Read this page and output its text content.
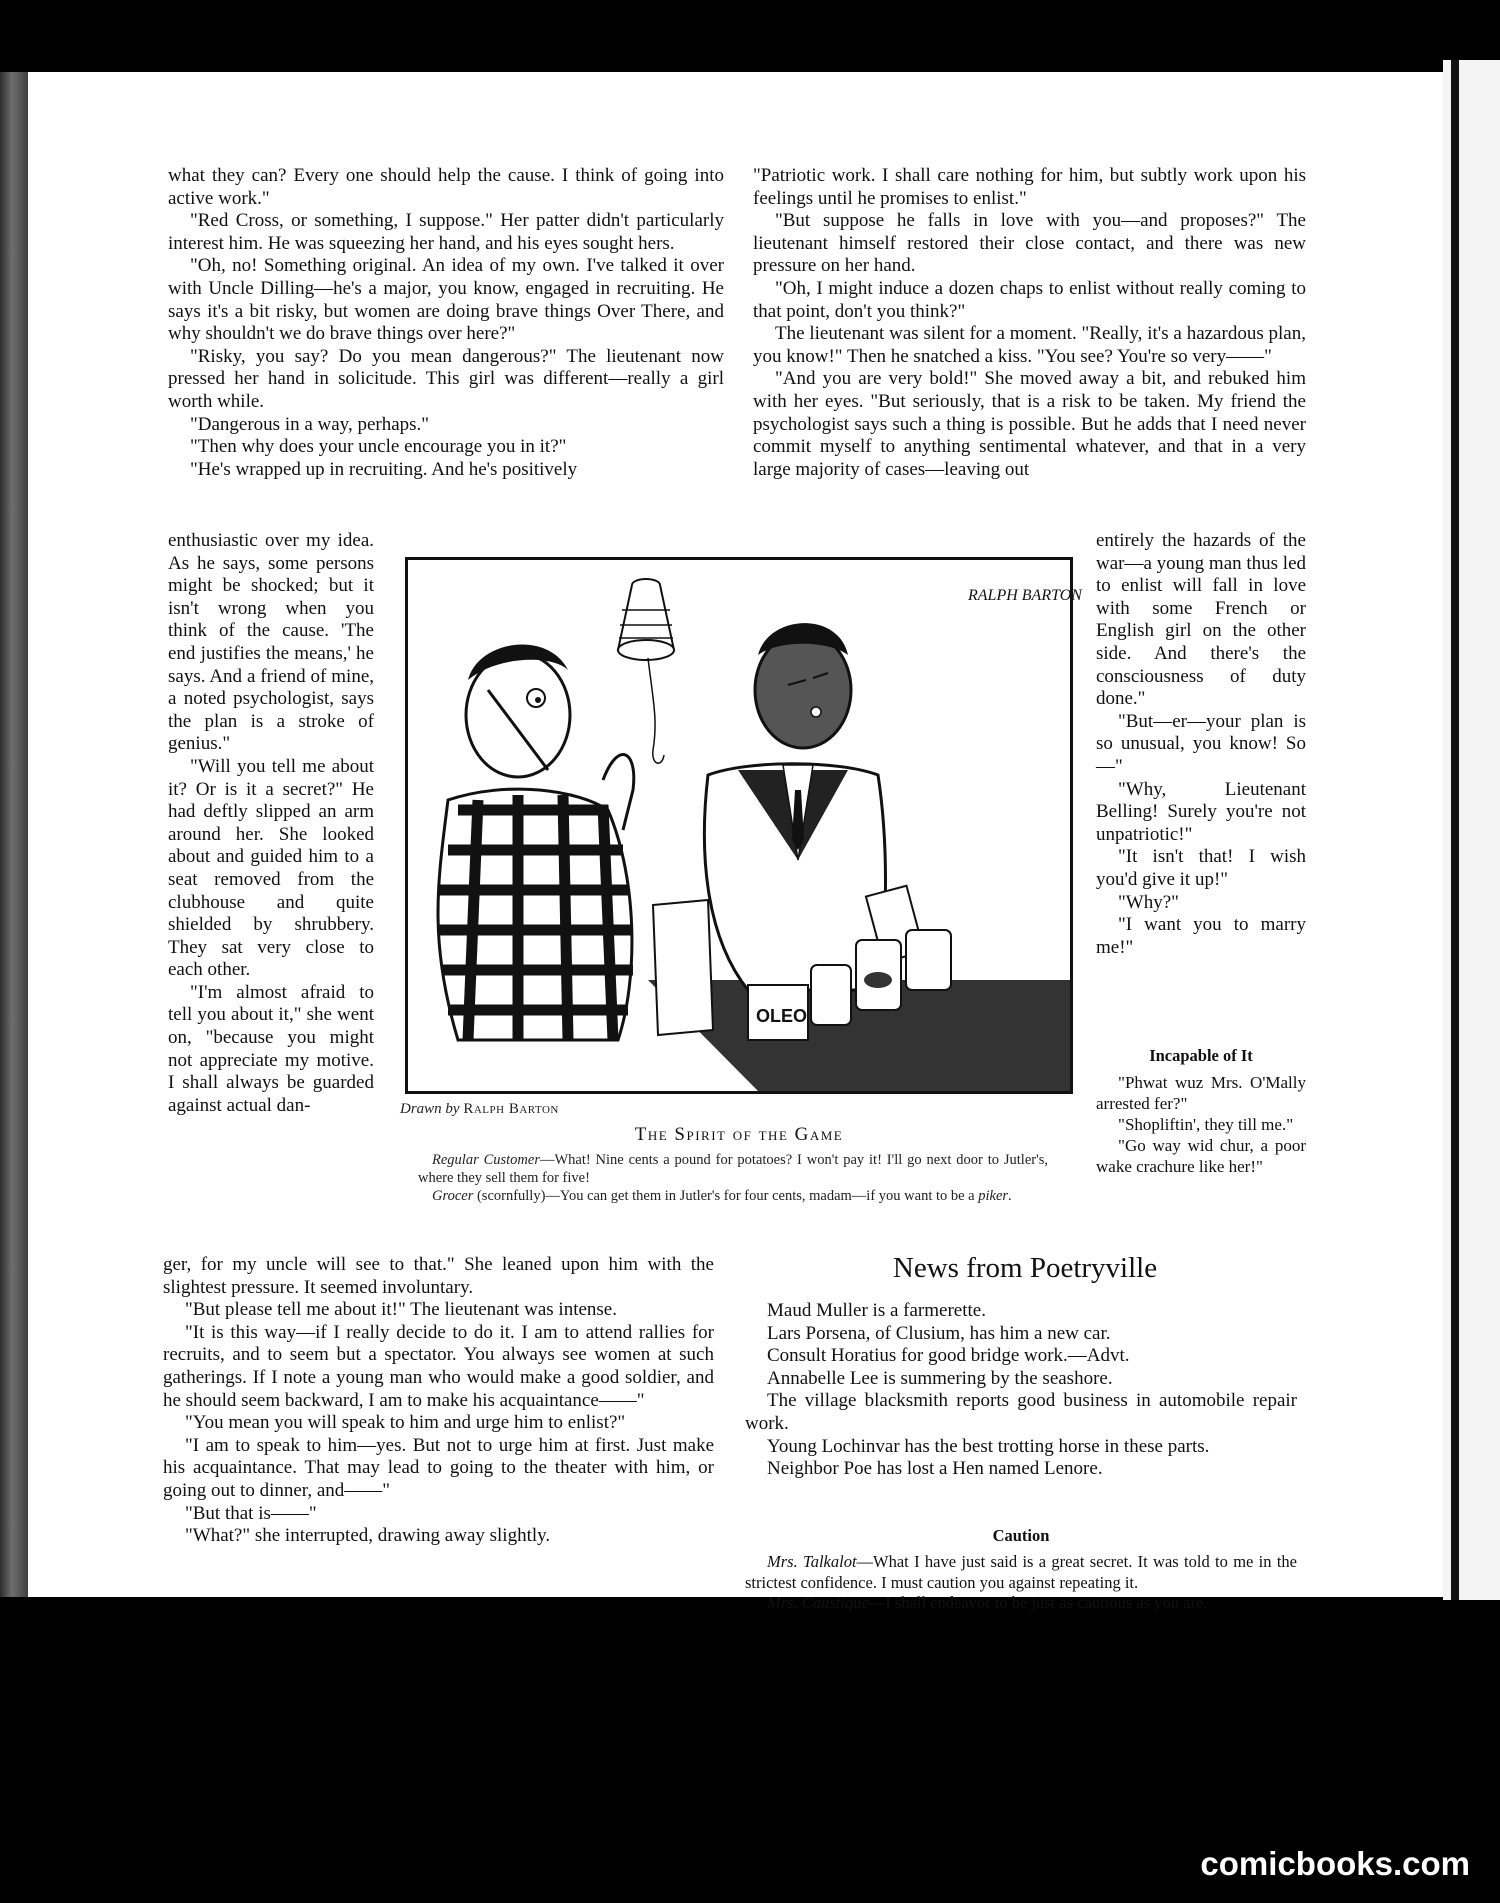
what they can? Every one should help the cause. I think of going into active work."

"Red Cross, or something, I suppose." Her patter didn't particularly interest him. He was squeezing her hand, and his eyes sought hers.

"Oh, no! Something original. An idea of my own. I've talked it over with Uncle Dilling—he's a major, you know, engaged in recruiting. He says it's a bit risky, but women are doing brave things Over There, and why shouldn't we do brave things over here?"

"Risky, you say? Do you mean dangerous?" The lieutenant now pressed her hand in solicitude. This girl was different—really a girl worth while.

"Dangerous in a way, perhaps."

"Then why does your uncle encourage you in it?"

"He's wrapped up in recruiting. And he's positively

enthusiastic over my idea. As he says, some persons might be shocked; but it isn't wrong when you think of the cause. 'The end justifies the means,' he says. And a friend of mine, a noted psychologist, says the plan is a stroke of genius."

"Will you tell me about it? Or is it a secret?" He had deftly slipped an arm around her. She looked about and guided him to a seat removed from the clubhouse and quite shielded by shrubbery. They sat very close to each other.

"I'm almost afraid to tell you about it," she went on, "because you might not appreciate my motive. I shall always be guarded against actual dan-

ger, for my uncle will see to that." She leaned upon him with the slightest pressure. It seemed involuntary.

"But please tell me about it!" The lieutenant was intense.

"It is this way—if I really decide to do it. I am to attend rallies for recruits, and to seem but a spectator. You always see women at such gatherings. If I note a young man who would make a good soldier, and he should seem backward, I am to make his acquaintance——"

"You mean you will speak to him and urge him to enlist?"

"I am to speak to him—yes. But not to urge him at first. Just make his acquaintance. That may lead to going to the theater with him, or going out to dinner, and——"

"But that is——"

"What?" she interrupted, drawing away slightly.

"Patriotic work. I shall care nothing for him, but subtly work upon his feelings until he promises to enlist."

"But suppose he falls in love with you—and proposes?" The lieutenant himself restored their close contact, and there was new pressure on her hand.

"Oh, I might induce a dozen chaps to enlist without really coming to that point, don't you think?"

The lieutenant was silent for a moment. "Really, it's a hazardous plan, you know!" Then he snatched a kiss. "You see? You're so very——"

"And you are very bold!" She moved away a bit, and rebuked him with her eyes. "But seriously, that is a risk to be taken. My friend the psychologist says such a thing is possible. But he adds that I need never commit myself to anything sentimental whatever, and that in a very large majority of cases—leaving out

entirely the hazards of the war—a young man thus led to enlist will fall in love with some French or English girl on the other side. And there's the consciousness of duty done."

"But—er—your plan is so unusual, you know! So—"

"Why, Lieutenant Belling! Surely you're not unpatriotic!"

"It isn't that! I wish you'd give it up!"

"Why?"

"I want you to marry me!"

Incapable of It

"Phwat wuz Mrs. O'Mally arrested fer?"

"Shopliftin', they till me."

"Go way wid chur, a poor wake crachure like her!"

OLEO
RALPH BARTON
Drawn by Ralph Barton
The Spirit of the Game

Regular Customer—What! Nine cents a pound for potatoes? I won't pay it! I'll go next door to Jutler's, where they sell them for five!

Grocer (scornfully)—You can get them in Jutler's for four cents, madam—if you want to be a piker.

News from Poetryville

Maud Muller is a farmerette.

Lars Porsena, of Clusium, has him a new car.

Consult Horatius for good bridge work.—Advt.

Annabelle Lee is summering by the seashore.

The village blacksmith reports good business in automobile repair work.

Young Lochinvar has the best trotting horse in these parts.

Neighbor Poe has lost a Hen named Lenore.

Caution

Mrs. Talkalot—What I have just said is a great secret. It was told to me in the strictest confidence. I must caution you against repeating it.

Mrs. Caustique—I shall endeavor to be just as cautious as you are.

comicbooks.com
